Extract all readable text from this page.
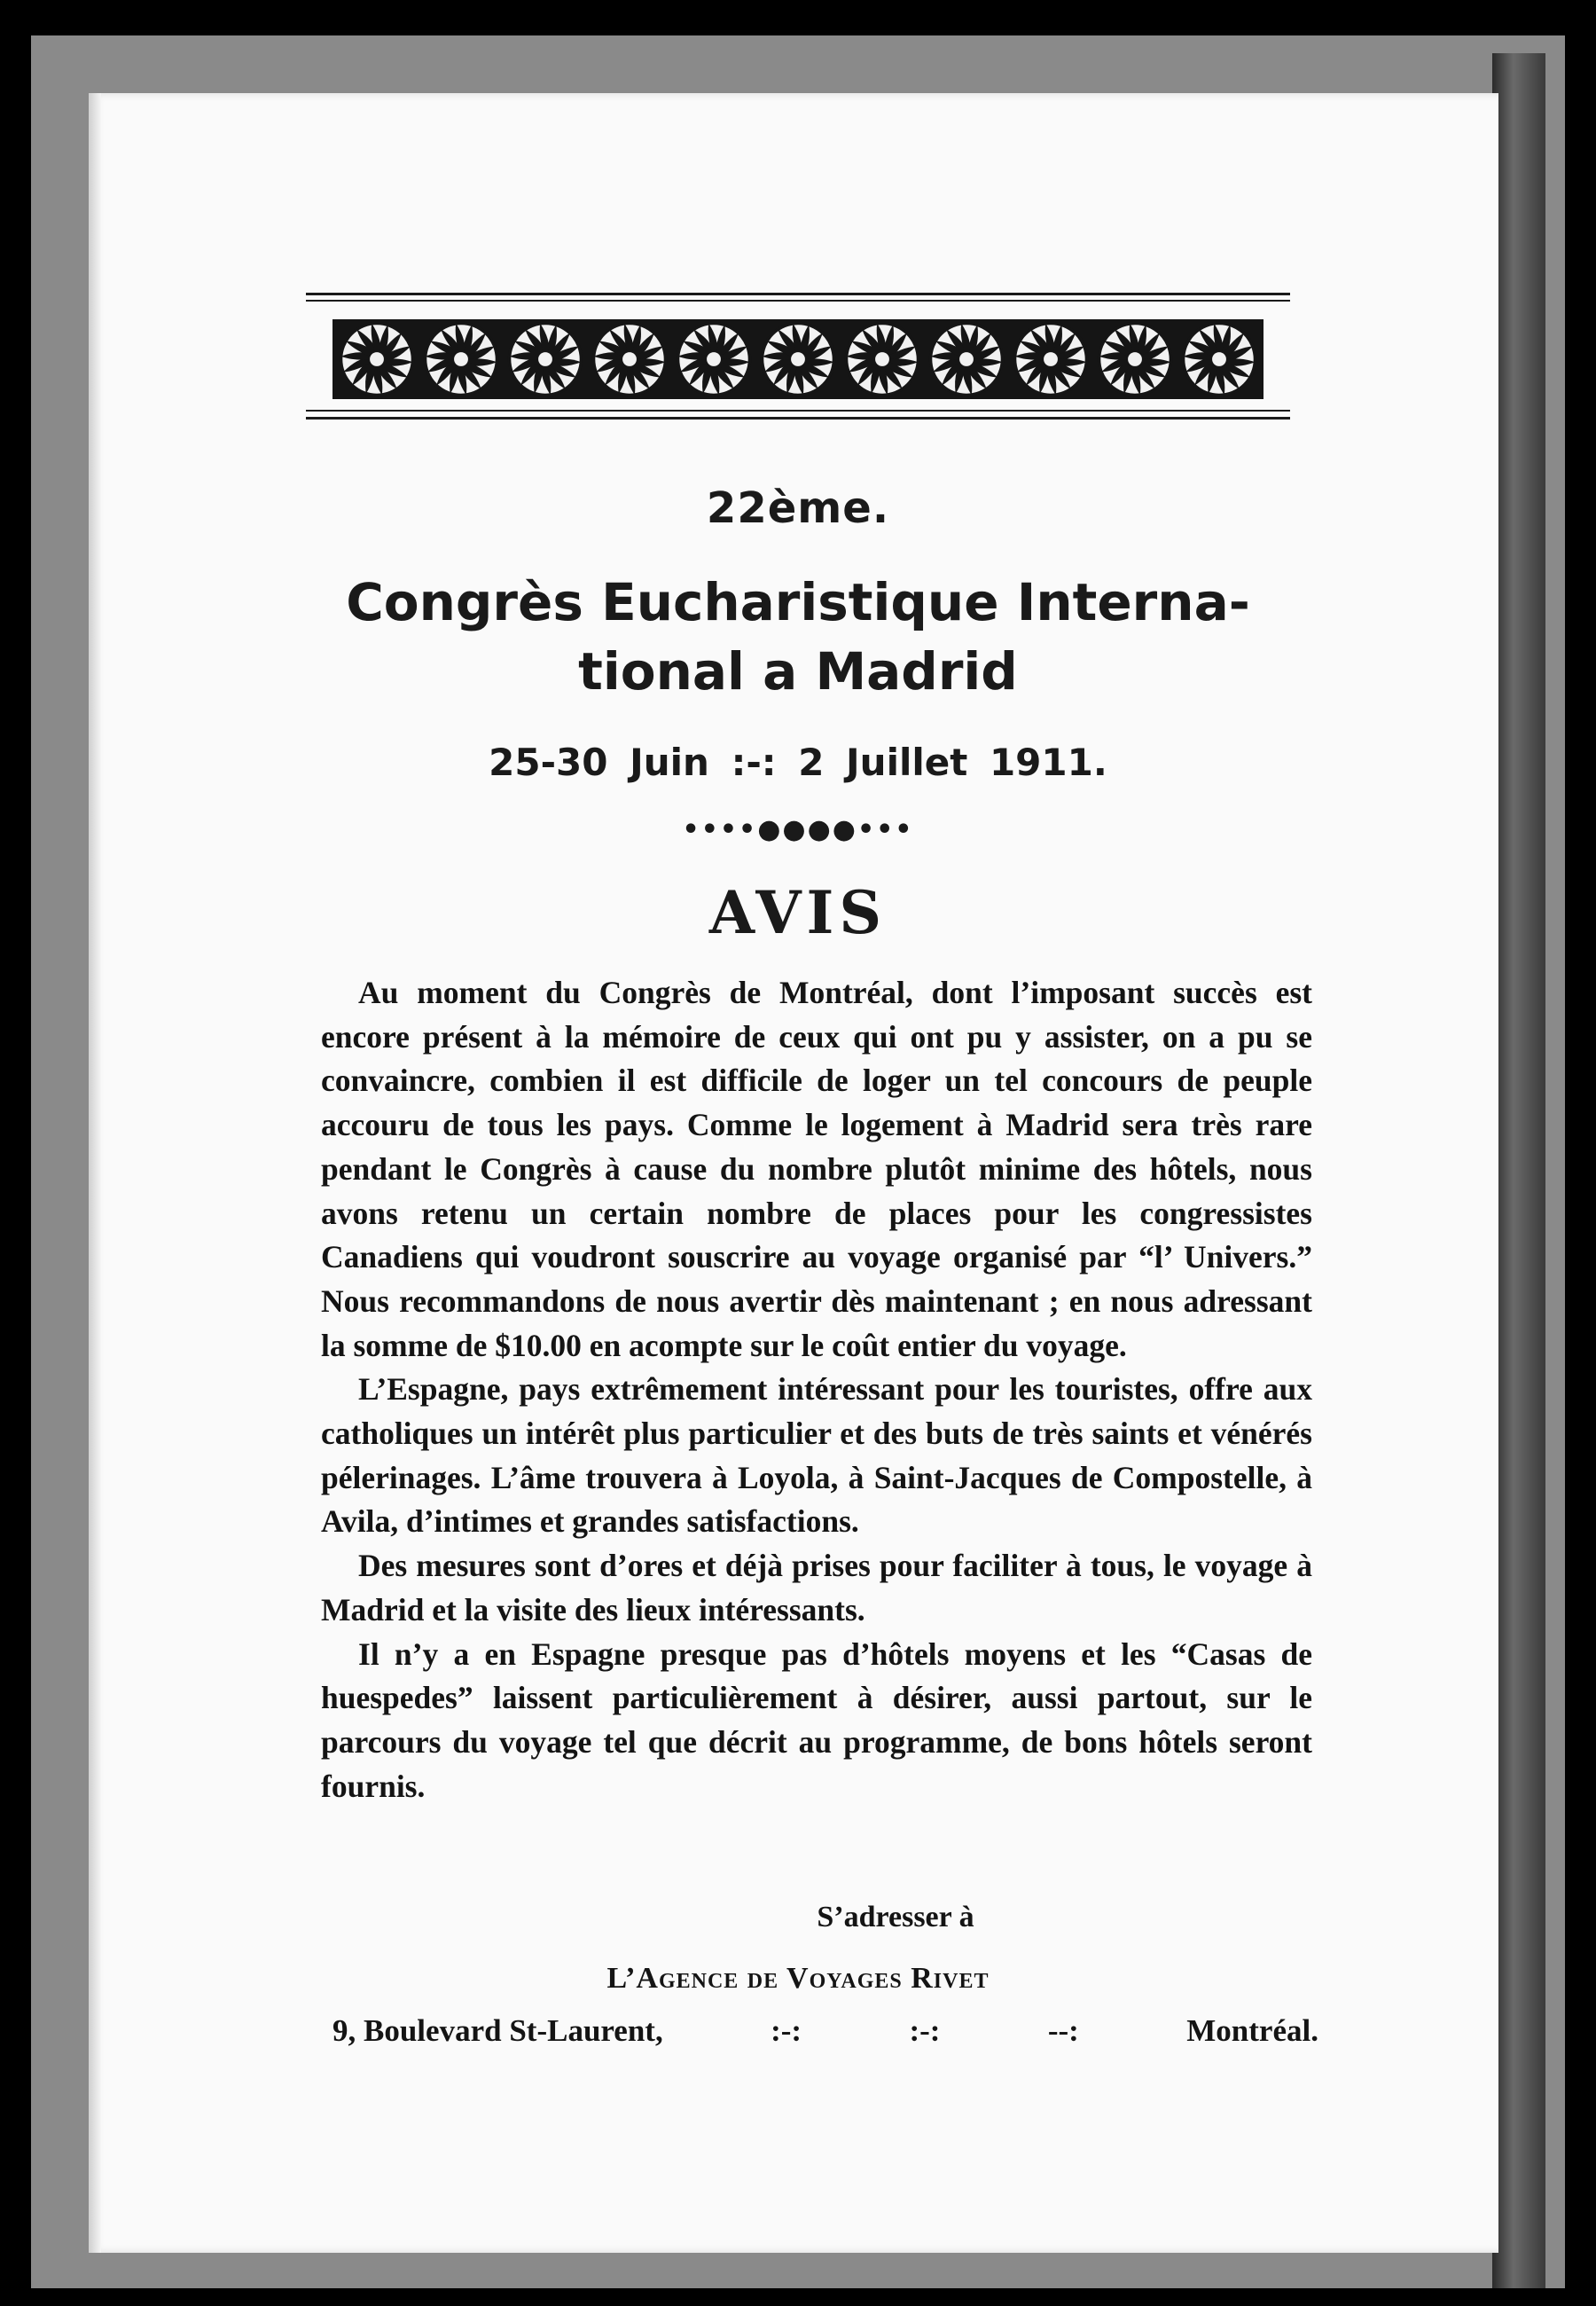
22ème.
Congrès Eucharistique Interna-
tional a Madrid
25-30 Juin :-: 2 Juillet 1911.
••••●●●●•••
AVIS

Au moment du Congrès de Montréal, dont l’imposant succès est encore présent à la mémoire de ceux qui ont pu y assister, on a pu se convaincre, combien il est difficile de loger un tel concours de peuple accouru de tous les pays. Comme le logement à Madrid sera très rare pendant le Congrès à cause du nombre plutôt minime des hôtels, nous avons retenu un certain nombre de places pour les congressistes Canadiens qui voudront souscrire au voyage organisé par “l’ Univers.” Nous recommandons de nous avertir dès maintenant ; en nous adressant la somme de $10.00 en acompte sur le coût entier du voyage.

L’Espagne, pays extrêmement intéressant pour les touristes, offre aux catholiques un intérêt plus particulier et des buts de très saints et vénérés pélerinages. L’âme trouvera à Loyola, à Saint-Jacques de Compostelle, à Avila, d’intimes et grandes satisfactions.

Des mesures sont d’ores et déjà prises pour faciliter à tous, le voyage à Madrid et la visite des lieux intéressants.

Il n’y a en Espagne presque pas d’hôtels moyens et les “Casas de huespedes” laissent particulièrement à désirer, aussi partout, sur le parcours du voyage tel que décrit au programme, de bons hôtels seront fournis.

S’adresser à
L’Agence de Voyages Rivet
9, Boulevard St-Laurent,	:-:	:-:	--:	Montréal.
